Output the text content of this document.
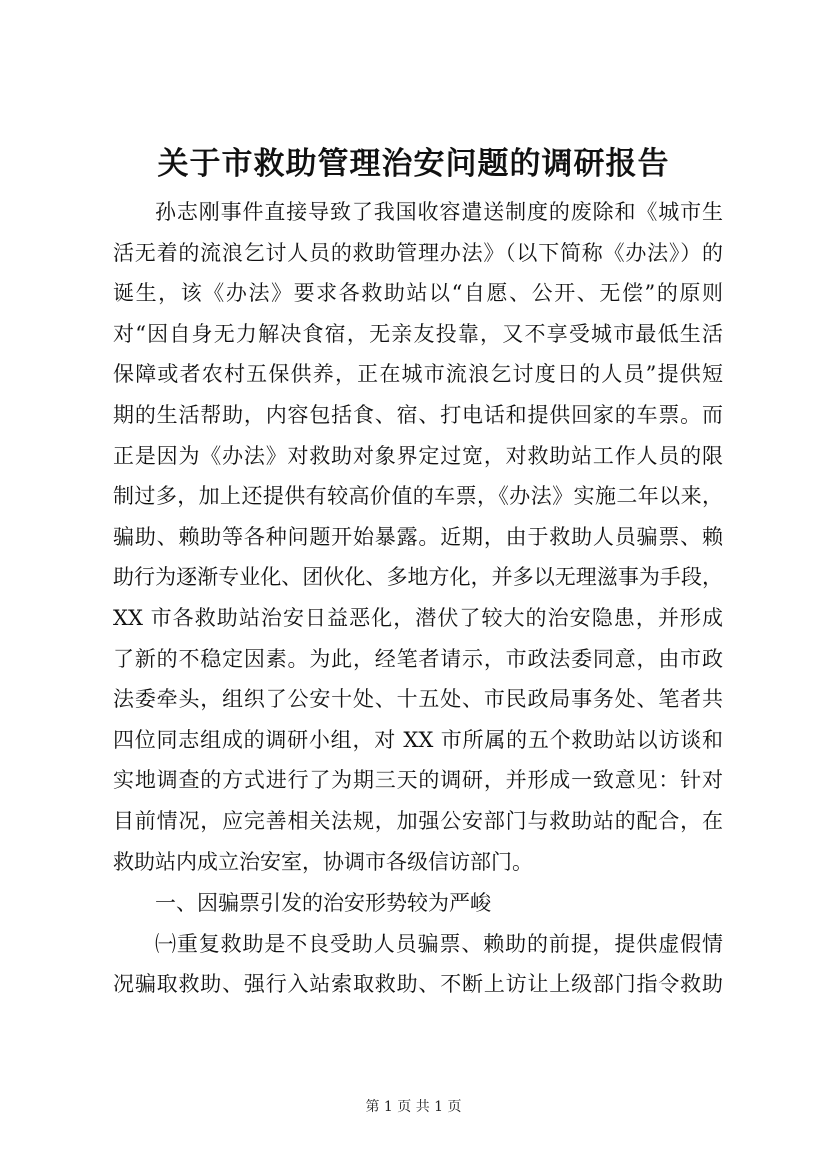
关于市救助管理治安问题的调研报告
孙志刚事件直接导致了我国收容遣送制度的废除和《城市生
活无着的流浪乞讨人员的救助管理办法》（以下简称《办法》）的
诞生，该《办法》要求各救助站以“自愿、公开、无偿”的原则
对“因自身无力解决食宿，无亲友投靠，又不享受城市最低生活
保障或者农村五保供养，正在城市流浪乞讨度日的人员”提供短
期的生活帮助，内容包括食、宿、打电话和提供回家的车票。而
正是因为《办法》对救助对象界定过宽，对救助站工作人员的限
制过多，加上还提供有较高价值的车票，《办法》实施二年以来，
骗助、赖助等各种问题开始暴露。近期，由于救助人员骗票、赖
助行为逐渐专业化、团伙化、多地方化，并多以无理滋事为手段，
XX 市各救助站治安日益恶化，潜伏了较大的治安隐患，并形成
了新的不稳定因素。为此，经笔者请示，市政法委同意，由市政
法委牵头，组织了公安十处、十五处、市民政局事务处、笔者共
四位同志组成的调研小组，对 XX 市所属的五个救助站以访谈和
实地调查的方式进行了为期三天的调研，并形成一致意见：针对
目前情况，应完善相关法规，加强公安部门与救助站的配合，在
救助站内成立治安室，协调市各级信访部门。
一、因骗票引发的治安形势较为严峻
㈠重复救助是不良受助人员骗票、赖助的前提，提供虚假情
况骗取救助、强行入站索取救助、不断上访让上级部门指令救助
第 1 页 共 1 页
